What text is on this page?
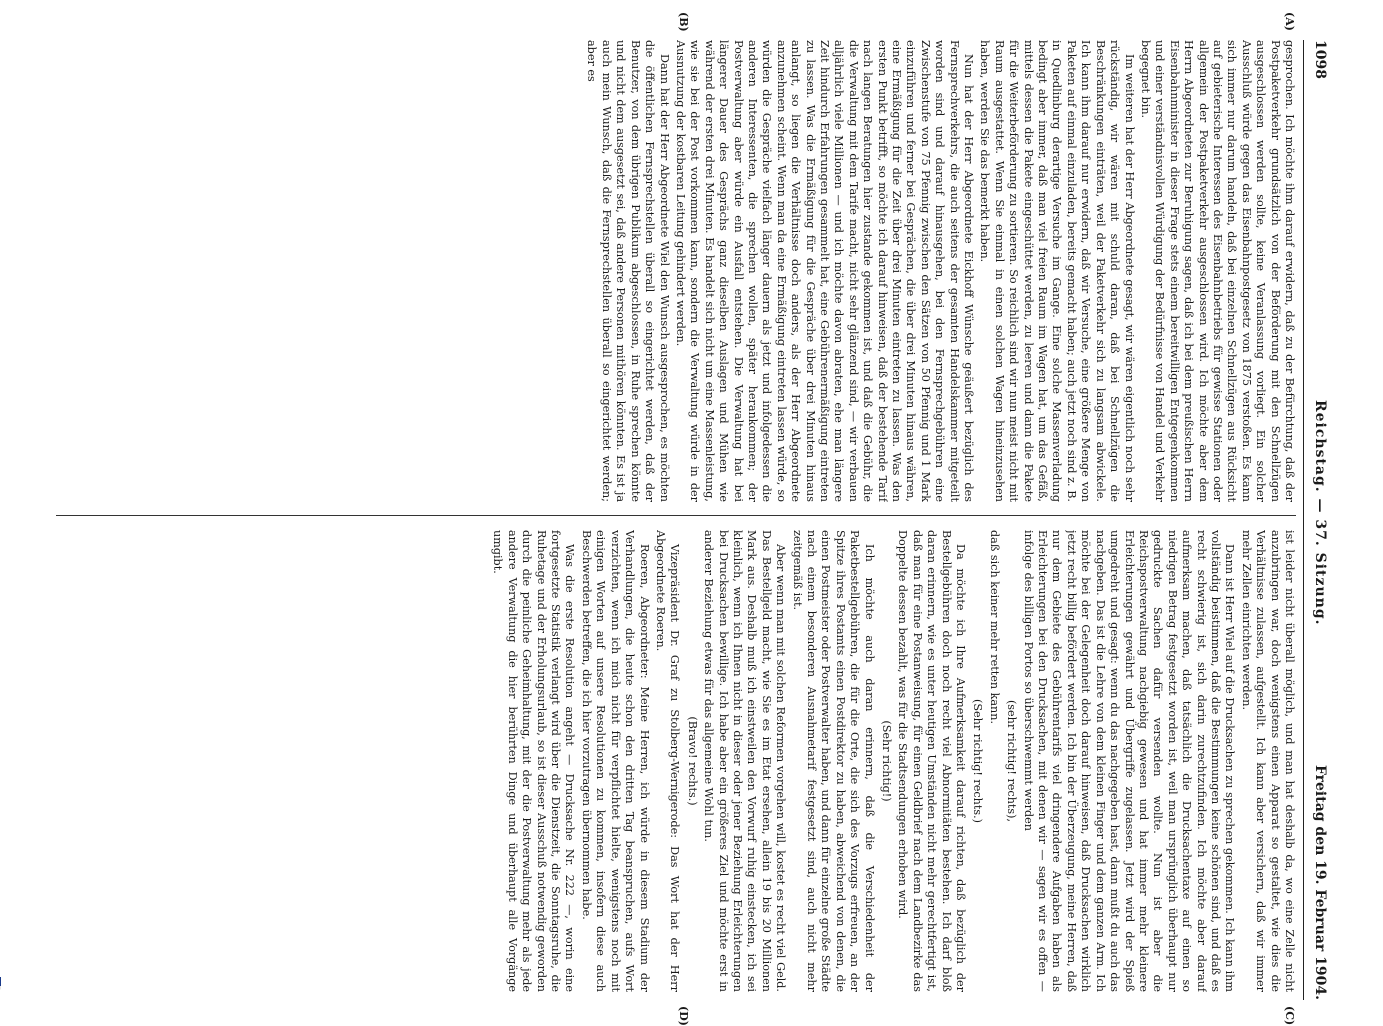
1098
Reichstag. — 37. Sitzung.
Freitag den 19. Februar 1904.
(A)
(B)
(C)
(D)

gesprochen. Ich möchte ihm darauf erwidern, daß zu der Befürchtung, daß der Postpaketverkehr grundsätzlich von der Beförderung mit den Schnellzügen ausgeschlossen werden sollte, keine Veranlassung vorliegt. Ein solcher Ausschluß würde gegen das Eisenbahnpostgesetz von 1875 verstoßen. Es kann sich immer nur darum handeln, daß bei einzelnen Schnellzügen aus Rücksicht auf gebieterische Interessen des Eisenbahnbetriebs für gewisse Stationen oder allgemein der Postpaketverkehr ausgeschlossen wird. Ich möchte aber dem Herrn Abgeordneten zur Beruhigung sagen, daß ich bei dem preußischen Herrn Eisenbahnminister in dieser Frage stets einem bereitwilligen Entgegenkommen und einer verständnisvollen Würdigung der Bedürfnisse von Handel und Verkehr begegnet bin.

Im weiteren hat der Herr Abgeordnete gesagt, wir wären eigentlich noch sehr rückständig, wir wären mit schuld daran, daß bei Schnellzügen die Beschränkungen einträten, weil der Paketverkehr sich zu langsam abwickele. Ich kann ihm darauf nur erwidern, daß wir Versuche, eine größere Menge von Paketen auf einmal einzuladen, bereits gemacht haben; auch jetzt noch sind z. B. in Quedlinburg derartige Versuche im Gange. Eine solche Massenverladung bedingt aber immer, daß man viel freien Raum im Wagen hat, um das Gefäß, mittels dessen die Pakete eingeschüttet werden, zu leeren und dann die Pakete für die Weiterbeförderung zu sortieren. So reichlich sind wir nun meist nicht mit Raum ausgestattet. Wenn Sie einmal in einen solchen Wagen hineinzusehen haben, werden Sie das bemerkt haben.

Nun hat der Herr Abgeordnete Eickhoff Wünsche geäußert bezüglich des Fernsprechverkehrs, die auch seitens der gesamten Handelskammer mitgeteilt worden sind und darauf hinausgehen, bei den Fernsprechgebühren eine Zwischenstufe von 75 Pfennig zwischen den Sätzen von 50 Pfennig und 1 Mark einzuführen und ferner bei Gesprächen, die über drei Minuten hinaus währen, eine Ermäßigung für die Zeit über drei Minuten eintreten zu lassen. Was den ersten Punkt betrifft, so möchte ich darauf hinweisen, daß der bestehende Tarif nach langen Beratungen hier zustande gekommen ist, und daß die Gebühr, die die Verwaltung mit dem Tarife macht, nicht sehr glänzend sind, — wir verbauen alljährlich viele Millionen — und ich möchte davon abraten, ehe man längere Zeit hindurch Erfahrungen gesammelt hat, eine Gebührenermäßigung eintreten zu lassen. Was die Ermäßigung für die Gespräche über drei Minuten hinaus anlangt, so liegen die Verhältnisse doch anders, als der Herr Abgeordnete anzunehmen scheint. Wenn man da eine Ermäßigung eintreten lassen würde, so würden die Gespräche vielfach länger dauern als jetzt und infolgedessen die anderen Interessenten, die sprechen wollen, später herankommen; der Postverwaltung aber würde ein Ausfall entstehen. Die Verwaltung hat bei längerer Dauer des Gesprächs ganz dieselben Auslagen und Mühen wie während der ersten drei Minuten. Es handelt sich nicht um eine Massenleistung, wie sie bei der Post vorkommen kann, sondern die Verwaltung würde in der Ausnutzung der kostbaren Leitung gehindert werden.

Dann hat der Herr Abgeordnete Wiel den Wunsch ausgesprochen, es möchten die öffentlichen Fernsprechstellen überall so eingerichtet werden, daß der Benutzer, von dem übrigen Publikum abgeschlossen, in Ruhe sprechen könnte und nicht dem ausgesetzt sei, daß andere Personen mithören könnten. Es ist ja auch mein Wunsch, daß die Fernsprechstellen überall so eingerichtet werden; aber es

ist leider nicht überall möglich, und man hat deshalb da, wo eine Zelle nicht anzubringen war, doch wenigstens einen Apparat so gestaltet, wie dies die Verhältnisse zulassen, aufgestellt. Ich kann aber versichern, daß wir immer mehr Zellen einrichten werden.

Dann ist Herr Wiel auf die Drucksachen zu sprechen gekommen. Ich kann ihm vollständig beistimmen, daß die Bestimmungen keine schönen sind, und daß es recht schwierig ist, sich darin zurechtzufinden. Ich möchte aber darauf aufmerksam machen, daß tatsächlich die Drucksachentaxe auf einen so niedrigen Betrag festgesetzt worden ist, weil man ursprünglich überhaupt nur gedruckte Sachen dafür versenden wollte. Nun ist aber die Reichspostverwaltung nachgiebig gewesen und hat immer mehr kleinere Erleichterungen gewährt und Übergriffe zugelassen. Jetzt wird der Spieß umgedreht und gesagt: wenn du das nachgegeben hast, dann mußt du auch das nachgeben. Das ist die Lehre von dem kleinen Finger und dem ganzen Arm. Ich möchte bei der Gelegenheit doch darauf hinweisen, daß Drucksachen wirklich jetzt recht billig befördert werden. Ich bin der Überzeugung, meine Herren, daß nur dem Gebiete des Gebührentarifs viel dringendere Aufgaben haben als Erleichterungen bei den Drucksachen, mit denen wir — sagen wir es offen — infolge des billigen Portos so überschwemmt werden

(sehr richtig! rechts),

daß sich keiner mehr retten kann.

(Sehr richtig! rechts.)

Da möchte ich Ihre Aufmerksamkeit darauf richten, daß bezüglich der Bestellgebühren doch noch recht viel Abnormitäten bestehen. Ich darf bloß daran erinnern, wie es unter heutigen Umständen nicht mehr gerechtfertigt ist, daß man für eine Postanweisung, für einen Geldbrief nach dem Landbezirke das Doppelte dessen bezahlt, was für die Stadtsendungen erhoben wird.

(Sehr richtig!)

Ich möchte auch daran erinnern, daß die Verschiedenheit der Paketbestellgebühren, die für die Orte, die sich des Vorzugs erfreuen, an der Spitze ihres Postamts einen Postdirektor zu haben, abweichend von denen, die einen Postmeister oder Postverwalter haben, und dann für einzelne große Städte nach einem besonderen Ausnahmetarif festgesetzt sind, auch nicht mehr zeitgemäß ist.

Aber wenn man mit solchen Reformen vorgehen will, kostet es recht viel Geld. Das Bestellgeld macht, wie Sie es im Etat ersehen, allein 19 bis 20 Millionen Mark aus. Deshalb muß ich einstweilen den Vorwurf ruhig einstecken, ich sei kleinlich, wenn ich Ihnen nicht in dieser oder jener Beziehung Erleichterungen bei Drucksachen bewillige. Ich habe aber ein größeres Ziel und möchte erst in anderer Beziehung etwas für das allgemeine Wohl tun.

(Bravo! rechts.)

Vizepräsident Dr. Graf zu Stolberg-Wernigerode: Das Wort hat der Herr Abgeordnete Roeren.

Roeren, Abgeordneter: Meine Herren, ich würde in diesem Stadium der Verhandlungen, die heute schon den dritten Tag beanspruchen, aufs Wort verzichten, wenn ich mich nicht für verpflichtet hielte, wenigstens noch mit einigen Worten auf unsere Resolutionen zu kommen, insofern diese auch Beschwerden betreffen, die ich hier vorzutragen übernommen habe.

Was die erste Resolution angeht — Drucksache Nr. 222 —, worin eine fortgesetzte Statistik verlangt wird über die Dienstzeit, die Sonntagsruhe, die Ruhetage und der Erholungsurlaub, so ist dieser Ausschuß notwendig geworden durch die peinliche Geheimhaltung, mit der die Postverwaltung mehr als jede andere Verwaltung die hier berührten Dinge und überhaupt alle Vorgänge umgibt.
